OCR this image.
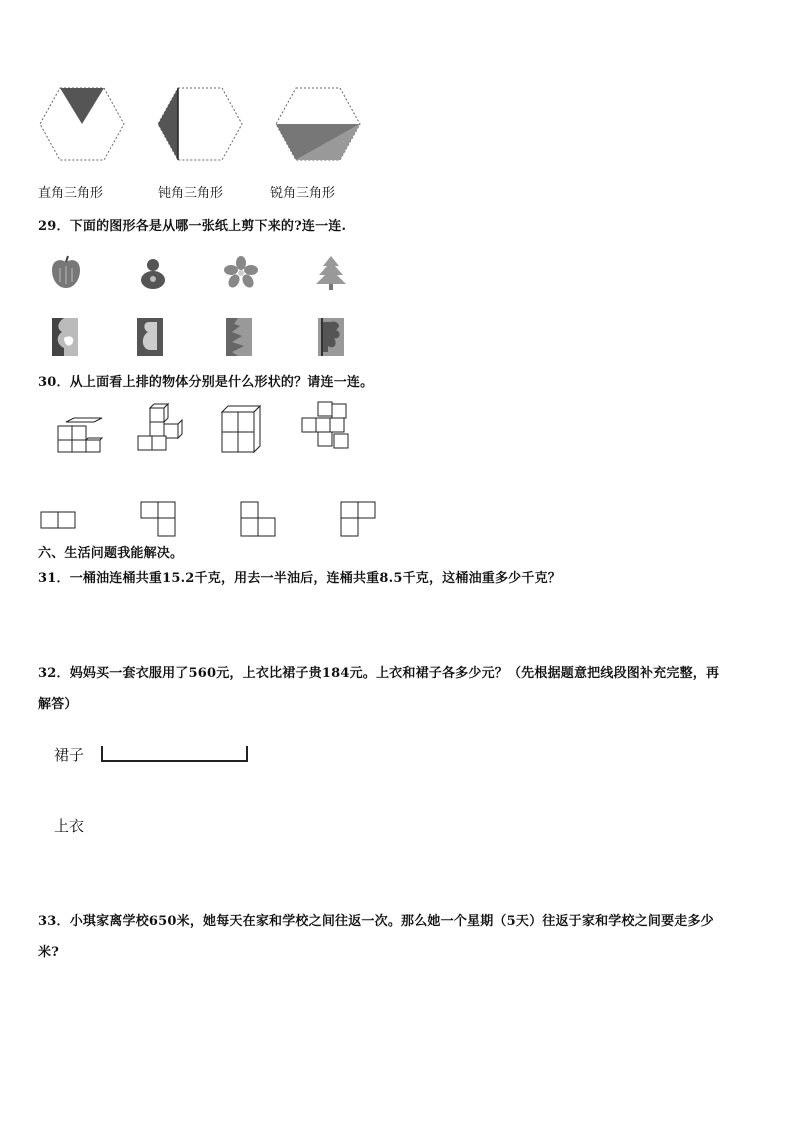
直角三角形	钝角三角形	锐角三角形
29．下面的图形各是从哪一张纸上剪下来的?连一连.
30．从上面看上排的物体分别是什么形状的？请连一连。
六、生活问题我能解决。
31．一桶油连桶共重15.2千克，用去一半油后，连桶共重8.5千克，这桶油重多少千克？
32．妈妈买一套衣服用了560元，上衣比裙子贵184元。上衣和裙子各多少元？（先根据题意把线段图补充完整，再
解答）
裙子
上衣
33．小琪家离学校650米，她每天在家和学校之间往返一次。那么她一个星期（5天）往返于家和学校之间要走多少
米?
